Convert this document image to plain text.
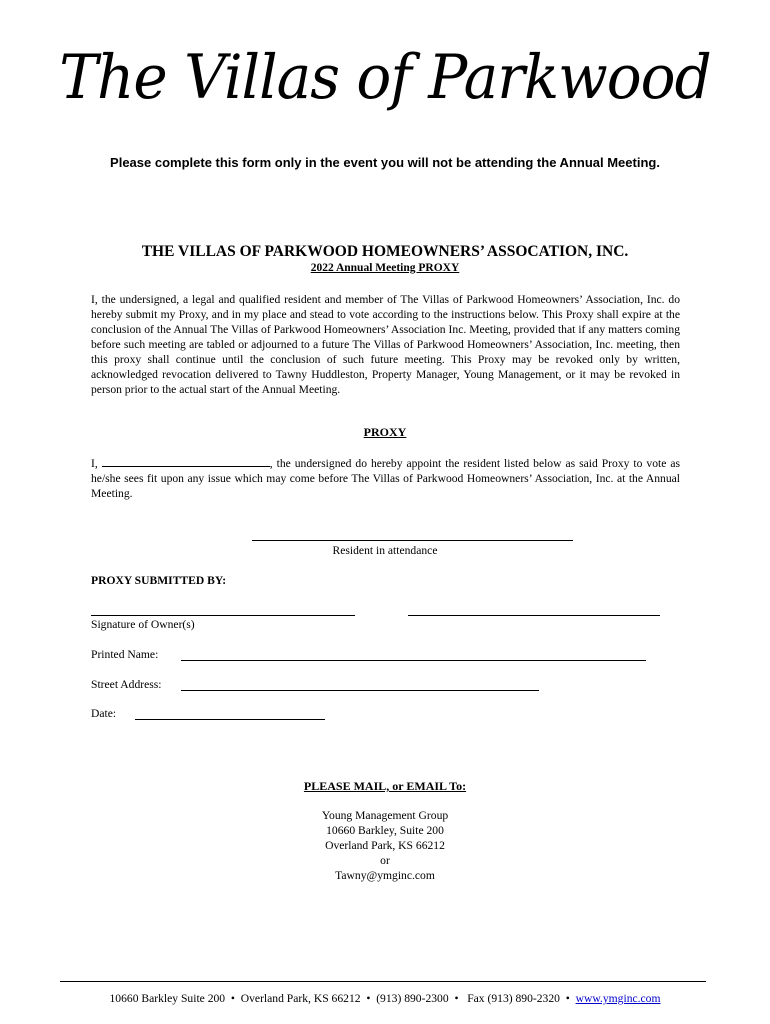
The Villas of Parkwood
Please complete this form only in the event you will not be attending the Annual Meeting.
THE VILLAS OF PARKWOOD HOMEOWNERS’ ASSOCATION, INC.
2022 Annual Meeting PROXY
I, the undersigned, a legal and qualified resident and member of The Villas of Parkwood Homeowners’ Association, Inc. do hereby submit my Proxy, and in my place and stead to vote according to the instructions below. This Proxy shall expire at the conclusion of the Annual The Villas of Parkwood Homeowners’ Association Inc. Meeting, provided that if any matters coming before such meeting are tabled or adjourned to a future The Villas of Parkwood Homeowners’ Association, Inc. meeting, then this proxy shall continue until the conclusion of such future meeting. This Proxy may be revoked only by written, acknowledged revocation delivered to Tawny Huddleston, Property Manager, Young Management, or it may be revoked in person prior to the actual start of the Annual Meeting.
PROXY
I,	, the undersigned do hereby appoint the resident listed below as said Proxy to vote as he/she sees fit upon any issue which may come before The Villas of Parkwood Homeowners’ Association, Inc. at the Annual Meeting.
Resident in attendance
PROXY SUBMITTED BY:
Signature of Owner(s)
Printed Name:
Street Address:
Date:
PLEASE MAIL, or EMAIL To:
Young Management Group
10660 Barkley, Suite 200
Overland Park, KS 66212
or
Tawny@ymginc.com
10660 Barkley Suite 200  •  Overland Park, KS 66212  •  (913) 890-2300  •   Fax (913) 890-2320  •  www.ymginc.com
